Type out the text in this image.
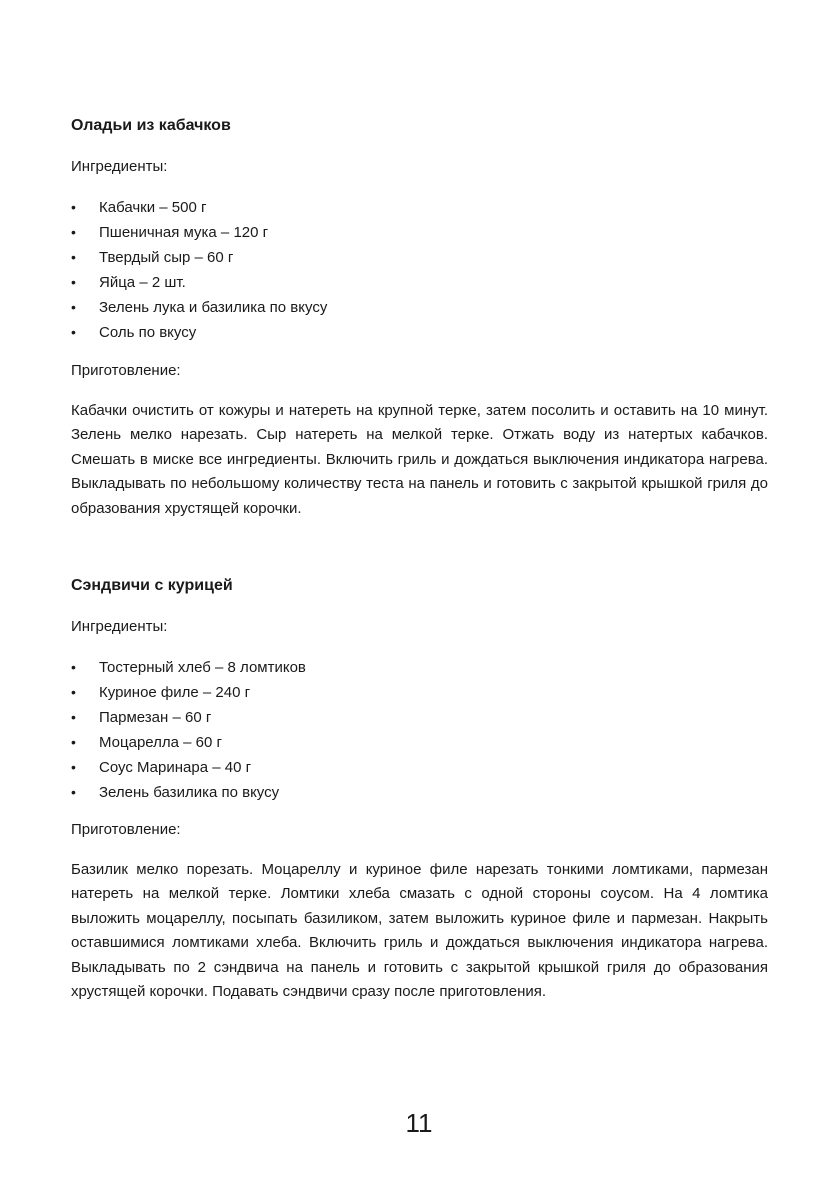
Оладьи из кабачков

Ингредиенты:

• Кабачки – 500 г
• Пшеничная мука – 120 г
• Твердый сыр – 60 г
• Яйца – 2 шт.
• Зелень лука и базилика по вкусу
• Соль по вкусу

Приготовление:

Кабачки очистить от кожуры и натереть на крупной терке, затем посолить и оставить на 10 минут. Зелень мелко нарезать. Сыр натереть на мелкой терке. Отжать воду из натертых кабачков. Смешать в миске все ингредиенты. Включить гриль и дождаться выключения индикатора нагрева. Выкладывать по небольшому количеству теста на панель и готовить с закрытой крышкой гриля до образования хрустящей корочки.

Сэндвичи с курицей

Ингредиенты:

• Тостерный хлеб – 8 ломтиков
• Куриное филе – 240 г
• Пармезан – 60 г
• Моцарелла – 60 г
• Соус Маринара – 40 г
• Зелень базилика по вкусу

Приготовление:

Базилик мелко порезать. Моцареллу и куриное филе нарезать тонкими ломтиками, пармезан натереть на мелкой терке. Ломтики хлеба смазать с одной стороны соусом. На 4 ломтика выложить моцареллу, посыпать базиликом, затем выложить куриное филе и пармезан. Накрыть оставшимися ломтиками хлеба. Включить гриль и дождаться выключения индикатора нагрева. Выкладывать по 2 сэндвича на панель и готовить с закрытой крышкой гриля до образования хрустящей корочки. Подавать сэндвичи сразу после приготовления.

11
